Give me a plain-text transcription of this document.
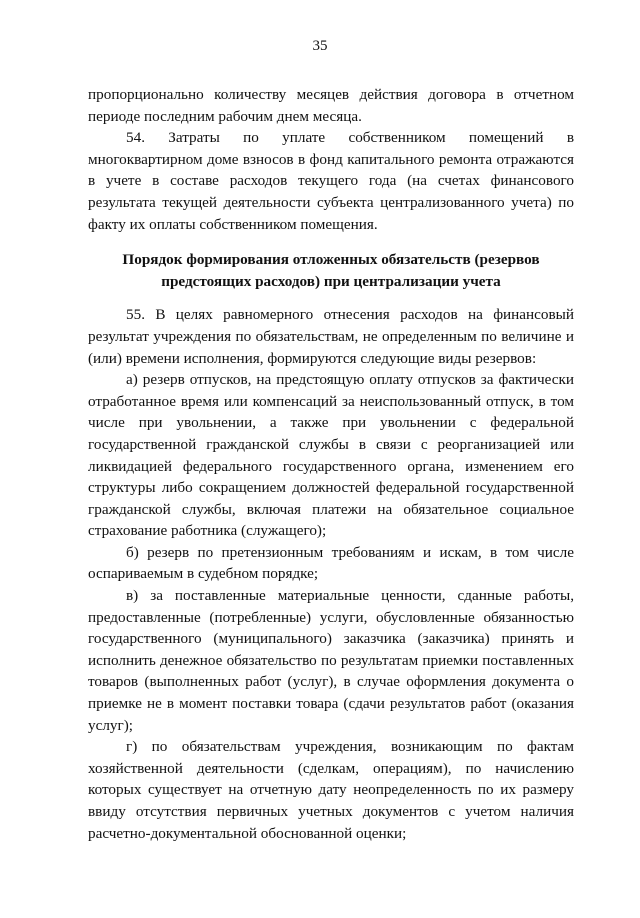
35

пропорционально количеству месяцев действия договора в отчетном периоде последним рабочим днем месяца.

54. Затраты по уплате собственником помещений в многоквартирном доме взносов в фонд капитального ремонта отражаются в учете в составе расходов текущего года (на счетах финансового результата текущей деятельности субъекта централизованного учета) по факту их оплаты собственником помещения.

Порядок формирования отложенных обязательств (резервов
предстоящих расходов) при централизации учета

55. В целях равномерного отнесения расходов на финансовый результат учреждения по обязательствам, не определенным по величине и (или) времени исполнения, формируются следующие виды резервов:

а) резерв отпусков, на предстоящую оплату отпусков за фактически отработанное время или компенсаций за неиспользованный отпуск, в том числе при увольнении, а также при увольнении с федеральной государственной гражданской службы в связи с реорганизацией или ликвидацией федерального государственного органа, изменением его структуры либо сокращением должностей федеральной государственной гражданской службы, включая платежи на обязательное социальное страхование работника (служащего);

б) резерв по претензионным требованиям и искам, в том числе оспариваемым в судебном порядке;

в) за поставленные материальные ценности, сданные работы, предоставленные (потребленные) услуги, обусловленные обязанностью государственного (муниципального) заказчика (заказчика) принять и исполнить денежное обязательство по результатам приемки поставленных товаров (выполненных работ (услуг), в случае оформления документа о приемке не в момент поставки товара (сдачи результатов работ (оказания услуг);

г) по обязательствам учреждения, возникающим по фактам хозяйственной деятельности (сделкам, операциям), по начислению которых существует на отчетную дату неопределенность по их размеру ввиду отсутствия первичных учетных документов с учетом наличия расчетно-документальной обоснованной оценки;
